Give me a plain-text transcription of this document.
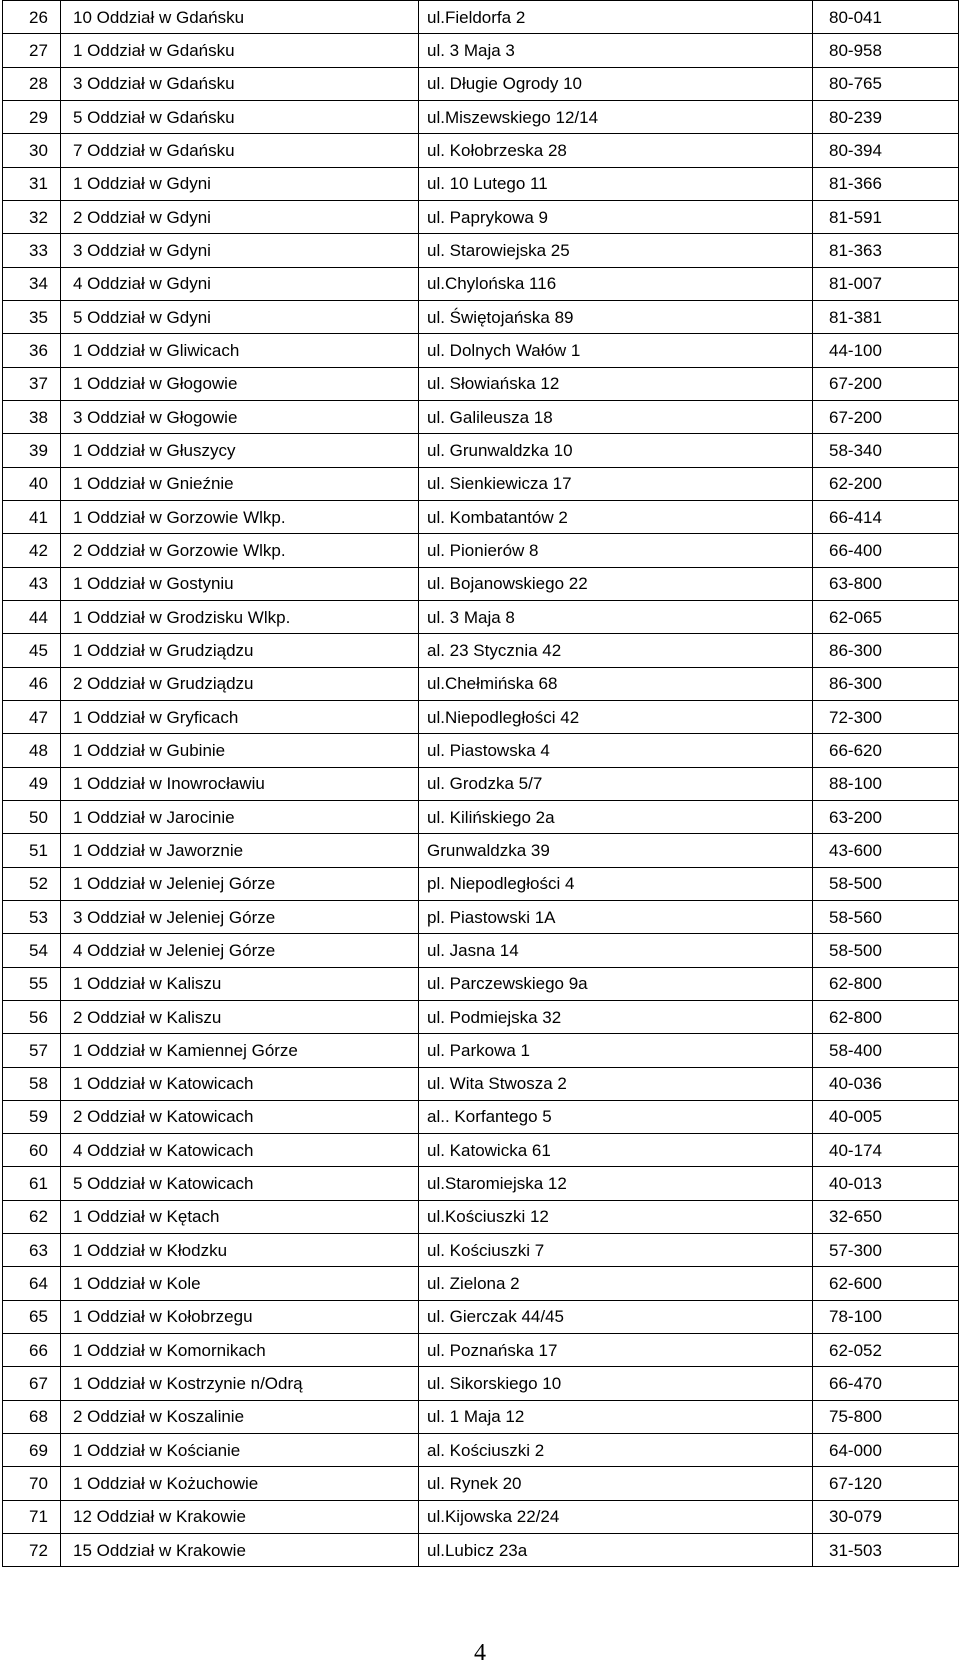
26	10 Oddział w Gdańsku	ul.Fieldorfa 2	80-041
27	1 Oddział w Gdańsku	ul. 3 Maja 3	80-958
28	3 Oddział w Gdańsku	ul. Długie Ogrody 10	80-765
29	5 Oddział w Gdańsku	ul.Miszewskiego 12/14	80-239
30	7 Oddział w Gdańsku	ul. Kołobrzeska 28	80-394
31	1 Oddział w Gdyni	ul. 10 Lutego 11	81-366
32	2 Oddział w Gdyni	ul. Paprykowa 9	81-591
33	3 Oddział w Gdyni	ul. Starowiejska 25	81-363
34	4 Oddział w Gdyni	ul.Chylońska 116	81-007
35	5 Oddział w Gdyni	ul. Świętojańska 89	81-381
36	1 Oddział w Gliwicach	ul. Dolnych Wałów 1	44-100
37	1 Oddział w Głogowie	ul. Słowiańska 12	67-200
38	3 Oddział w Głogowie	ul. Galileusza 18	67-200
39	1 Oddział w Głuszycy	ul. Grunwaldzka 10	58-340
40	1 Oddział w Gnieźnie	ul. Sienkiewicza 17	62-200
41	1 Oddział w Gorzowie Wlkp.	ul. Kombatantów 2	66-414
42	2 Oddział w Gorzowie Wlkp.	ul. Pionierów 8	66-400
43	1 Oddział w Gostyniu	ul. Bojanowskiego 22	63-800
44	1 Oddział w Grodzisku Wlkp.	ul. 3 Maja 8	62-065
45	1 Oddział w Grudziądzu	al. 23 Stycznia 42	86-300
46	2 Oddział w Grudziądzu	ul.Chełmińska 68	86-300
47	1 Oddział w Gryficach	ul.Niepodległości 42	72-300
48	1 Oddział w Gubinie	ul. Piastowska 4	66-620
49	1 Oddział w Inowrocławiu	ul. Grodzka 5/7	88-100
50	1 Oddział w Jarocinie	ul. Kilińskiego 2a	63-200
51	1 Oddział w Jaworznie	Grunwaldzka 39	43-600
52	1 Oddział w Jeleniej Górze	pl. Niepodległości 4	58-500
53	3 Oddział w Jeleniej Górze	pl. Piastowski 1A	58-560
54	4 Oddział w Jeleniej Górze	ul. Jasna 14	58-500
55	1 Oddział w Kaliszu	ul. Parczewskiego 9a	62-800
56	2 Oddział w Kaliszu	ul. Podmiejska 32	62-800
57	1 Oddział w Kamiennej Górze	ul. Parkowa 1	58-400
58	1 Oddział w Katowicach	ul. Wita Stwosza 2	40-036
59	2 Oddział w Katowicach	al.. Korfantego 5	40-005
60	4 Oddział w Katowicach	ul. Katowicka 61	40-174
61	5 Oddział w Katowicach	ul.Staromiejska 12	40-013
62	1 Oddział w Kętach	ul.Kościuszki 12	32-650
63	1 Oddział w Kłodzku	ul. Kościuszki 7	57-300
64	1 Oddział w Kole	ul. Zielona 2	62-600
65	1 Oddział w Kołobrzegu	ul. Gierczak 44/45	78-100
66	1 Oddział w Komornikach	ul. Poznańska 17	62-052
67	1 Oddział w Kostrzynie n/Odrą	ul. Sikorskiego 10	66-470
68	2 Oddział w Koszalinie	ul. 1 Maja 12	75-800
69	1 Oddział w Kościanie	al. Kościuszki 2	64-000
70	1 Oddział w Kożuchowie	ul. Rynek 20	67-120
71	12 Oddział w Krakowie	ul.Kijowska 22/24	30-079
72	15 Oddział w Krakowie	ul.Lubicz 23a	31-503
4
